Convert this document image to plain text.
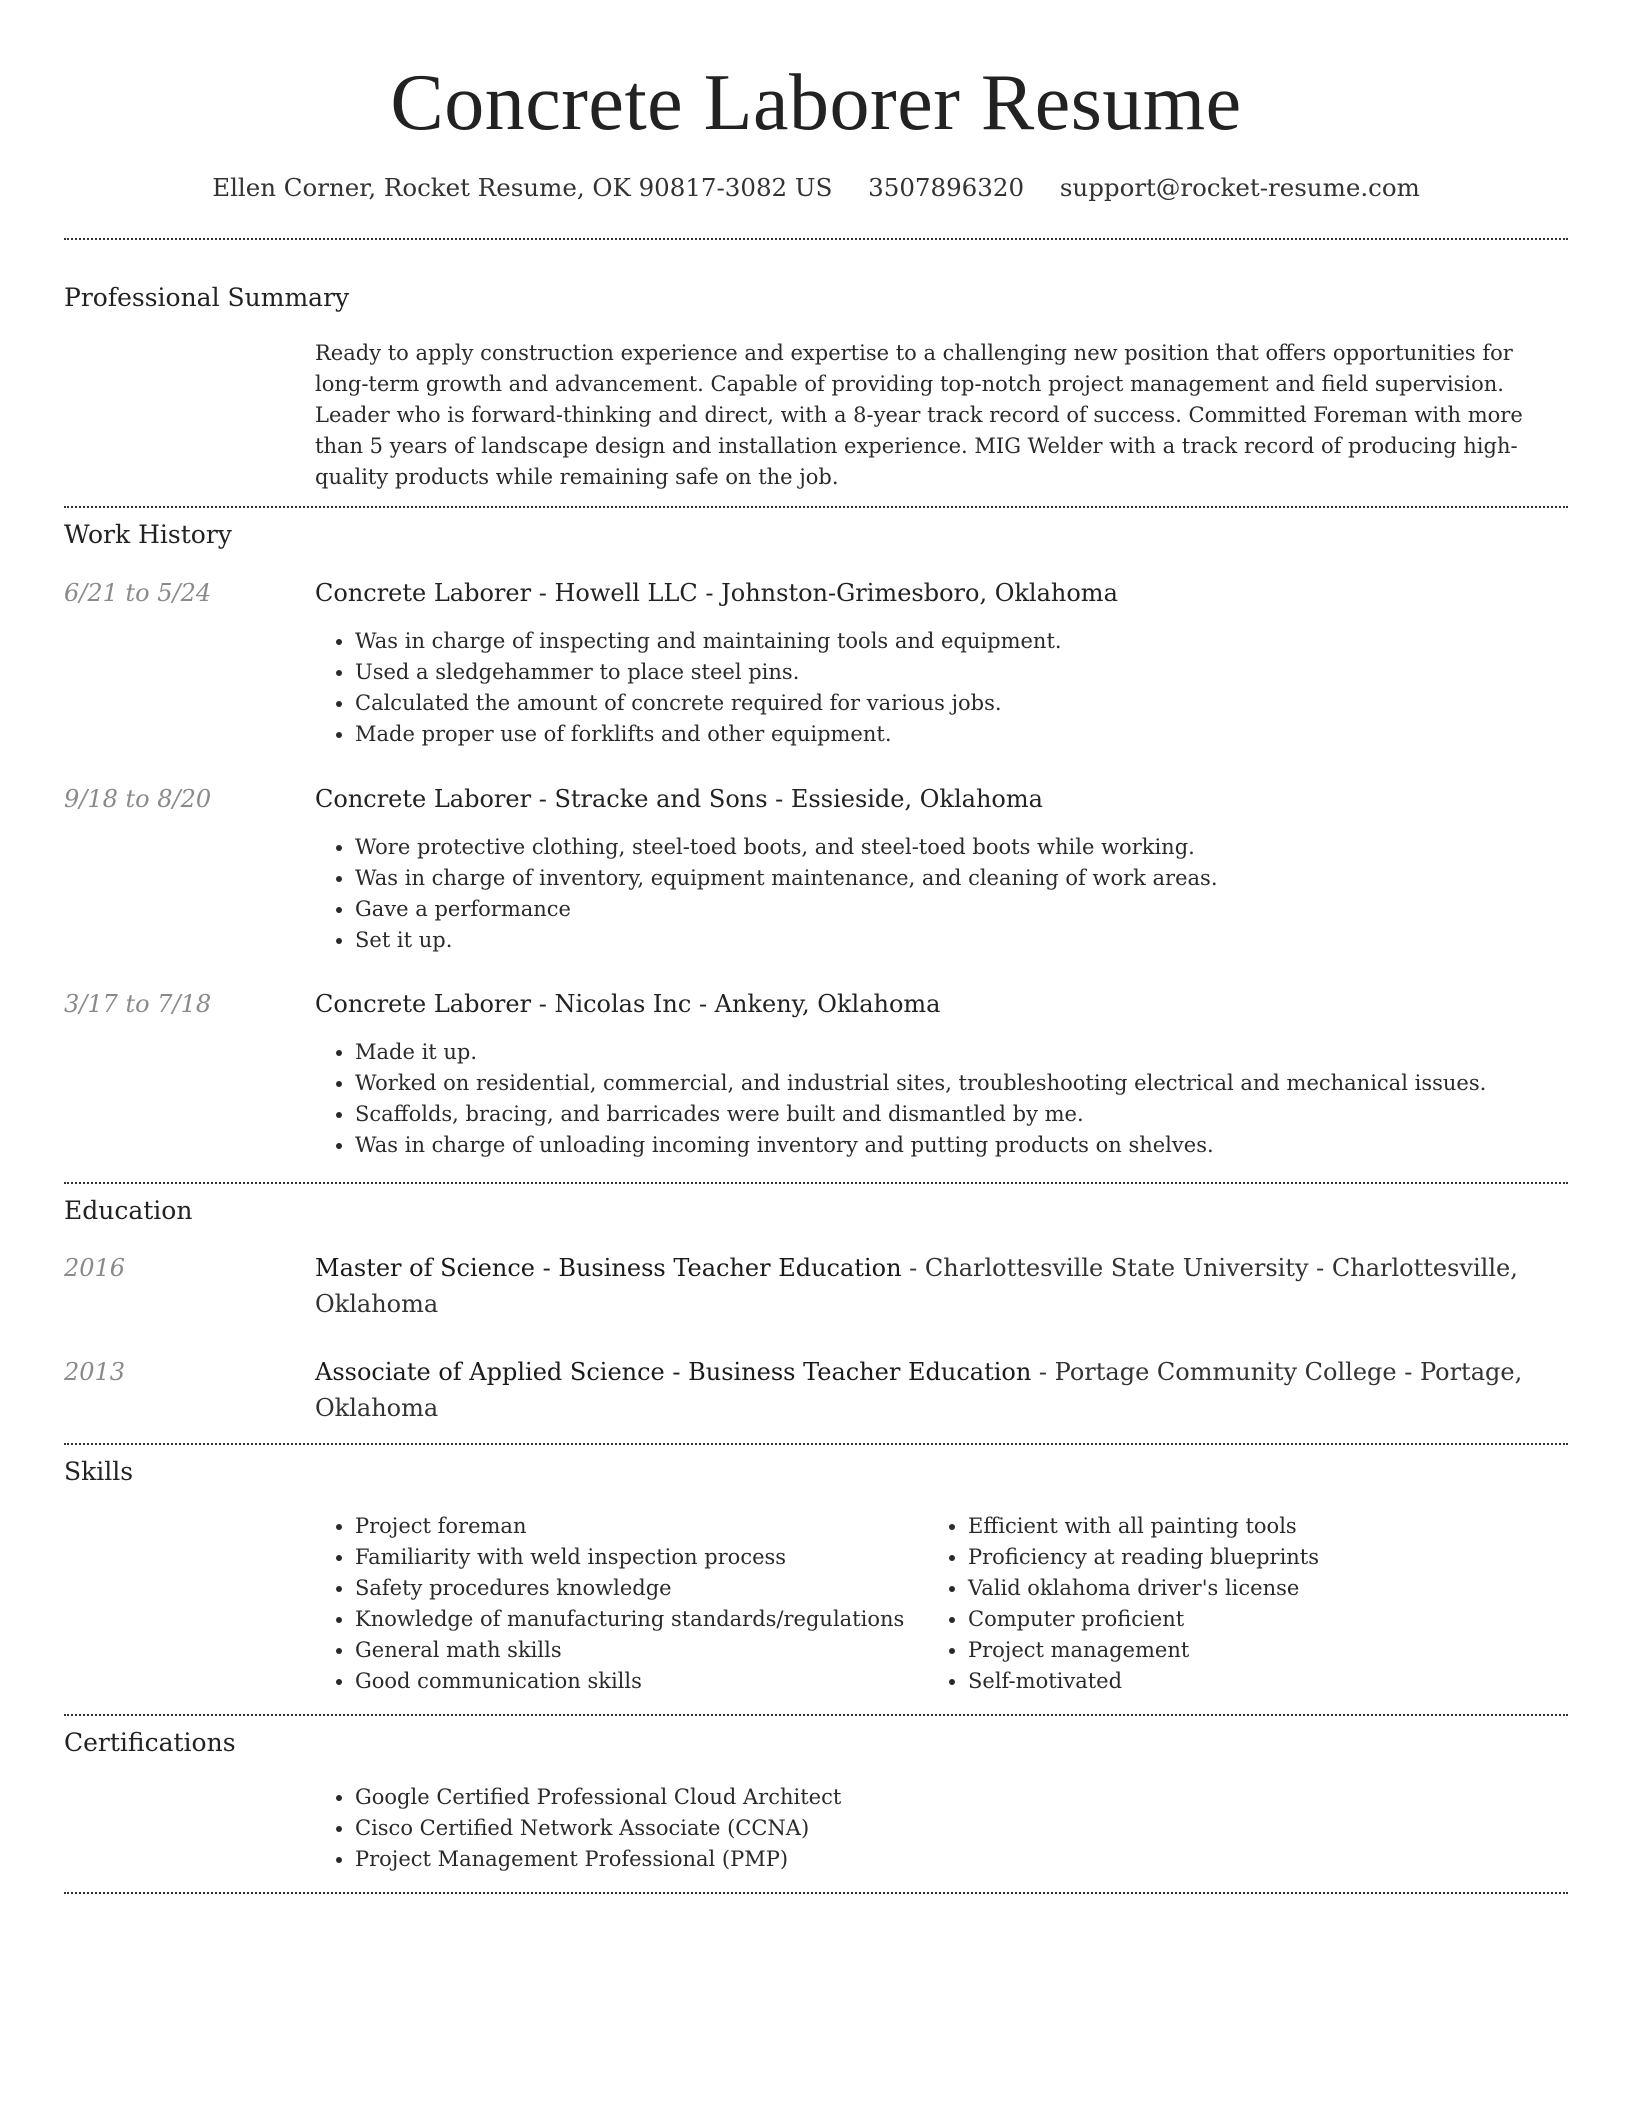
Concrete Laborer Resume
Ellen Corner, Rocket Resume, OK 90817-3082 US 3507896320 support@rocket-resume.com
Professional Summary
Ready to apply construction experience and expertise to a challenging new position that offers opportunities for long-term growth and advancement. Capable of providing top-notch project management and field supervision. Leader who is forward-thinking and direct, with a 8-year track record of success. Committed Foreman with more than 5 years of landscape design and installation experience. MIG Welder with a track record of producing high-quality products while remaining safe on the job.
Work History
6/21 to 5/24	Concrete Laborer - Howell LLC - Johnston-Grimesboro, Oklahoma
• Was in charge of inspecting and maintaining tools and equipment.
• Used a sledgehammer to place steel pins.
• Calculated the amount of concrete required for various jobs.
• Made proper use of forklifts and other equipment.
9/18 to 8/20	Concrete Laborer - Stracke and Sons - Essieside, Oklahoma
• Wore protective clothing, steel-toed boots, and steel-toed boots while working.
• Was in charge of inventory, equipment maintenance, and cleaning of work areas.
• Gave a performance
• Set it up.
3/17 to 7/18	Concrete Laborer - Nicolas Inc - Ankeny, Oklahoma
• Made it up.
• Worked on residential, commercial, and industrial sites, troubleshooting electrical and mechanical issues.
• Scaffolds, bracing, and barricades were built and dismantled by me.
• Was in charge of unloading incoming inventory and putting products on shelves.
Education
2016	Master of Science - Business Teacher Education - Charlottesville State University - Charlottesville, Oklahoma
2013	Associate of Applied Science - Business Teacher Education - Portage Community College - Portage, Oklahoma
Skills
• Project foreman
• Familiarity with weld inspection process
• Safety procedures knowledge
• Knowledge of manufacturing standards/regulations
• General math skills
• Good communication skills
• Efficient with all painting tools
• Proficiency at reading blueprints
• Valid oklahoma driver's license
• Computer proficient
• Project management
• Self-motivated
Certifications
• Google Certified Professional Cloud Architect
• Cisco Certified Network Associate (CCNA)
• Project Management Professional (PMP)
